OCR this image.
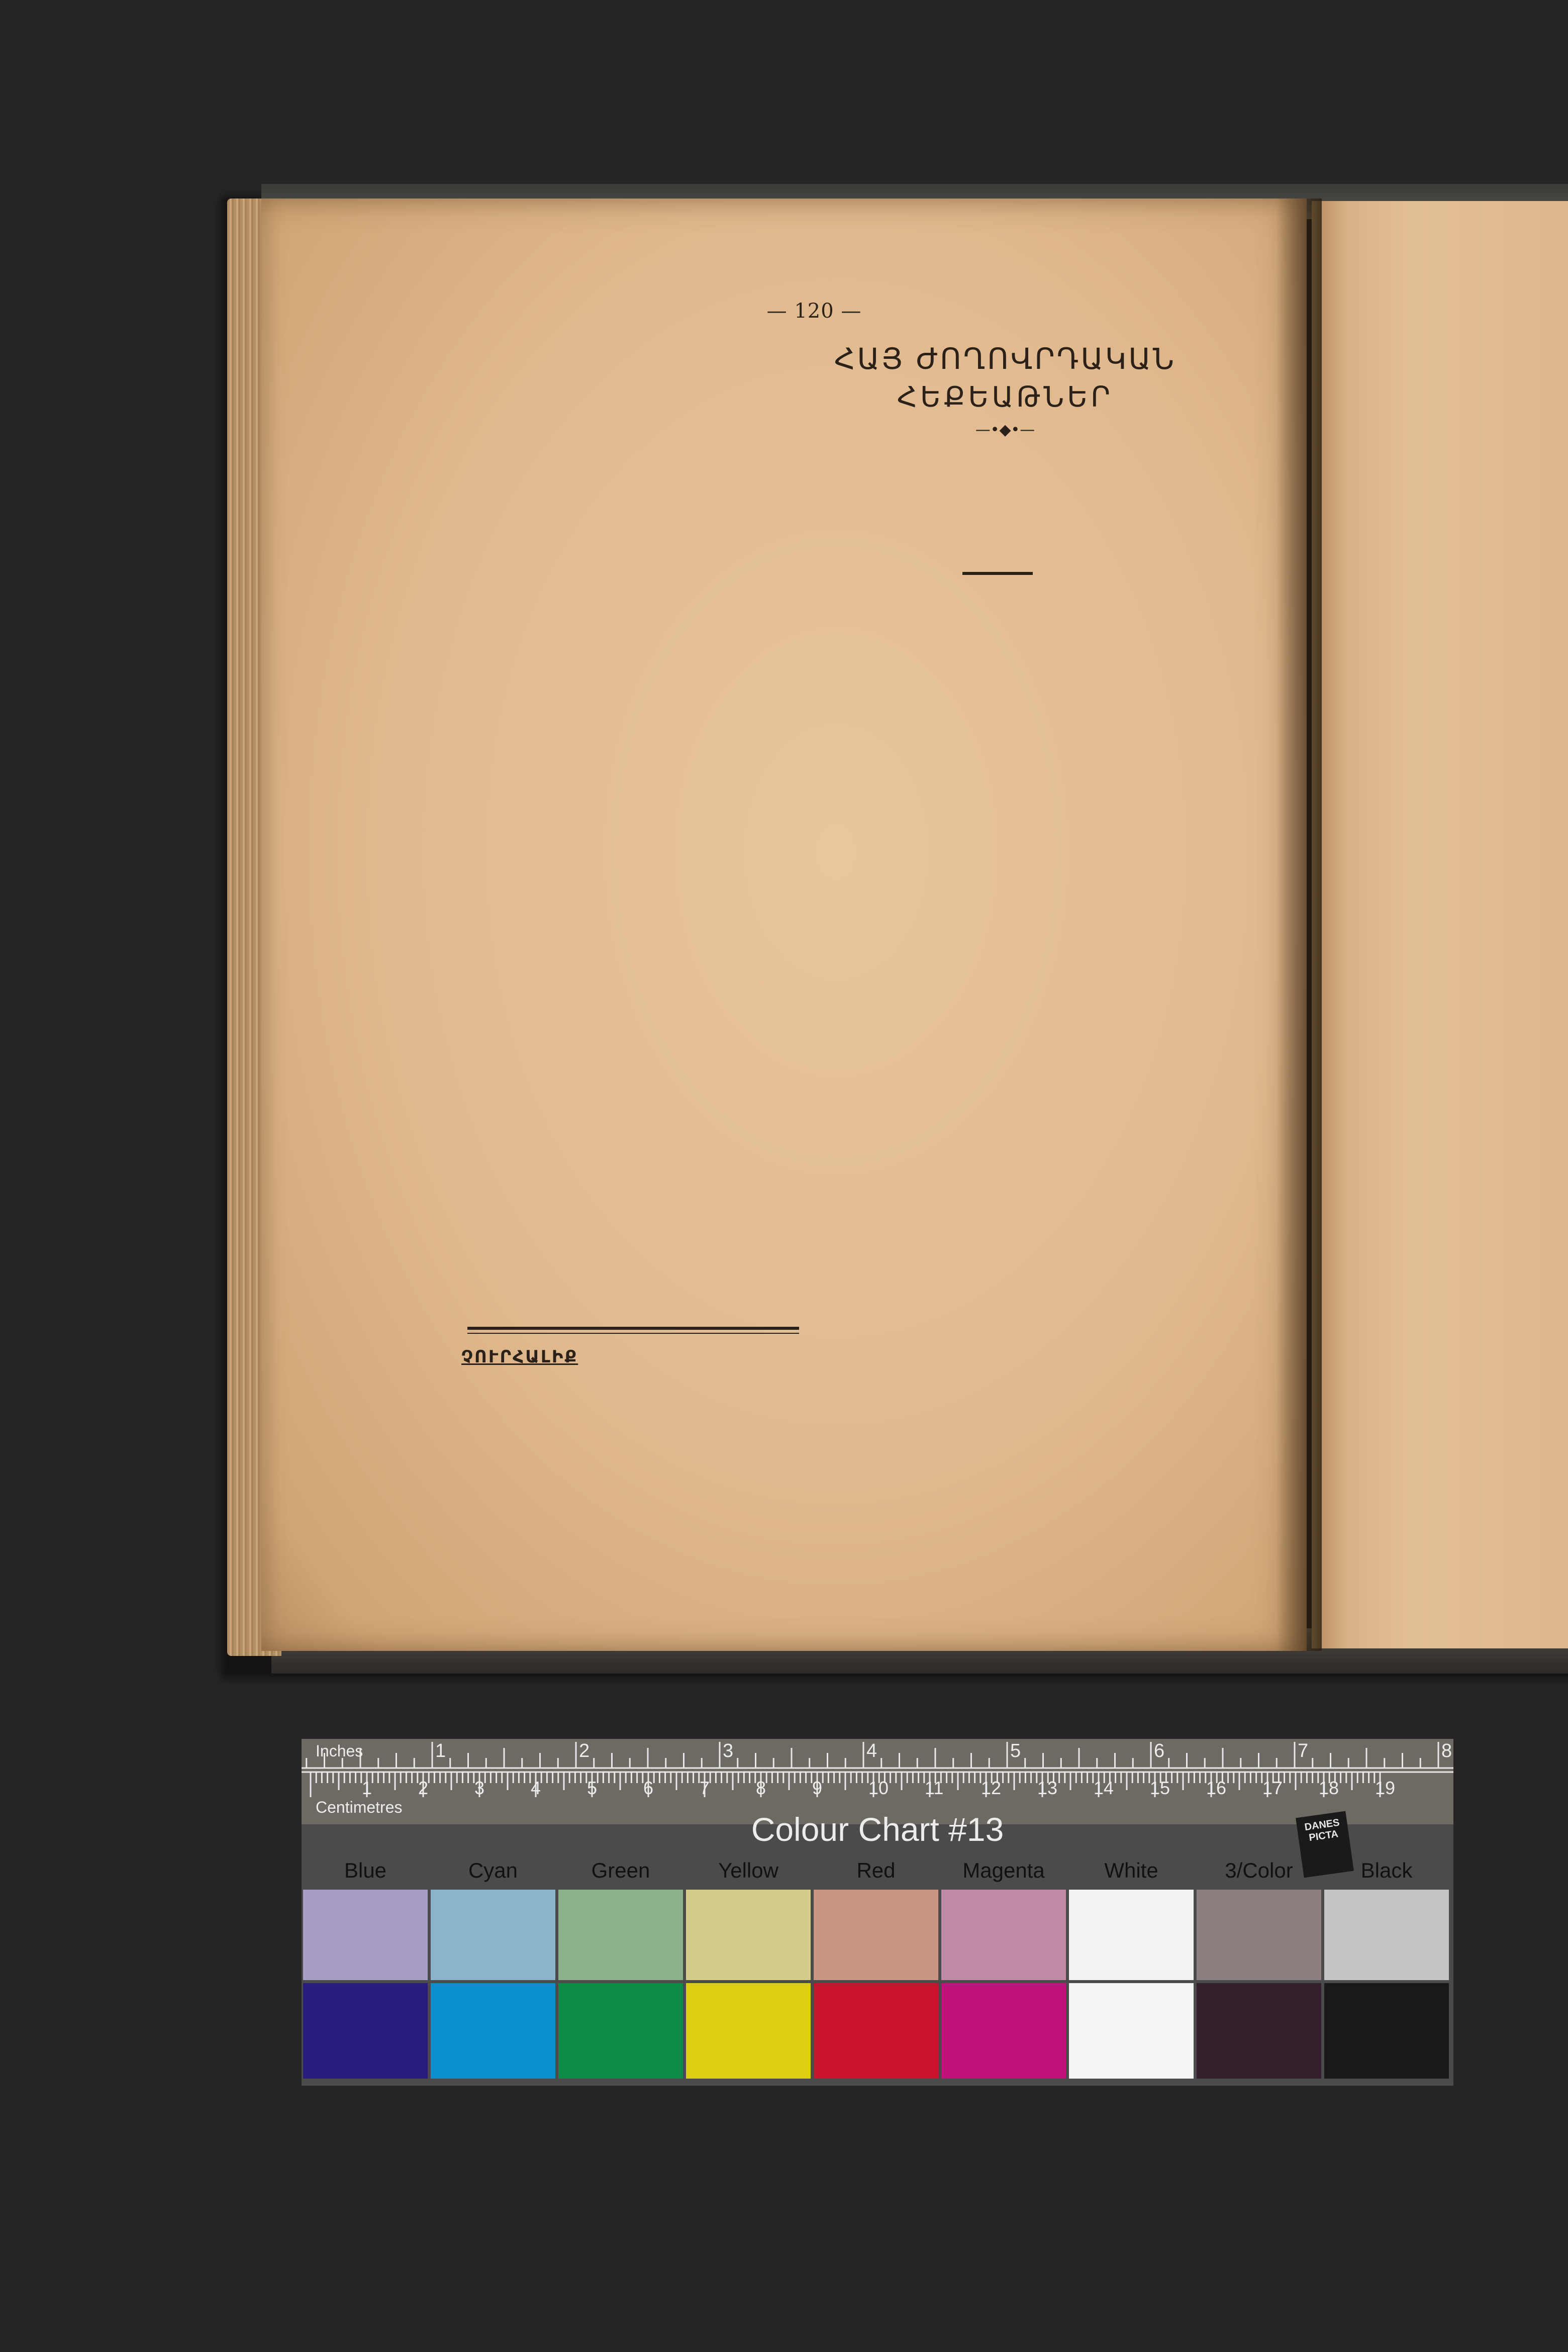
— 120 —
ՉՈՒՐՀԱԼԻՔ
ՀԱՅ ԺՈՂՈՎՐԴԱԿԱՆ
ՀԵՔԵԱԹՆԵՐ
—•◆•—
1	2	3	4	5	6	7	8
1	2	3	4	5	6	7	8	9	10 11 12 13 14 15 16 17 18 19
Inches
Centimetres
Colour Chart #13	DANES PICTA
Blue	Cyan	Green	Yellow	Red	Magenta	White	3/Color	Black
